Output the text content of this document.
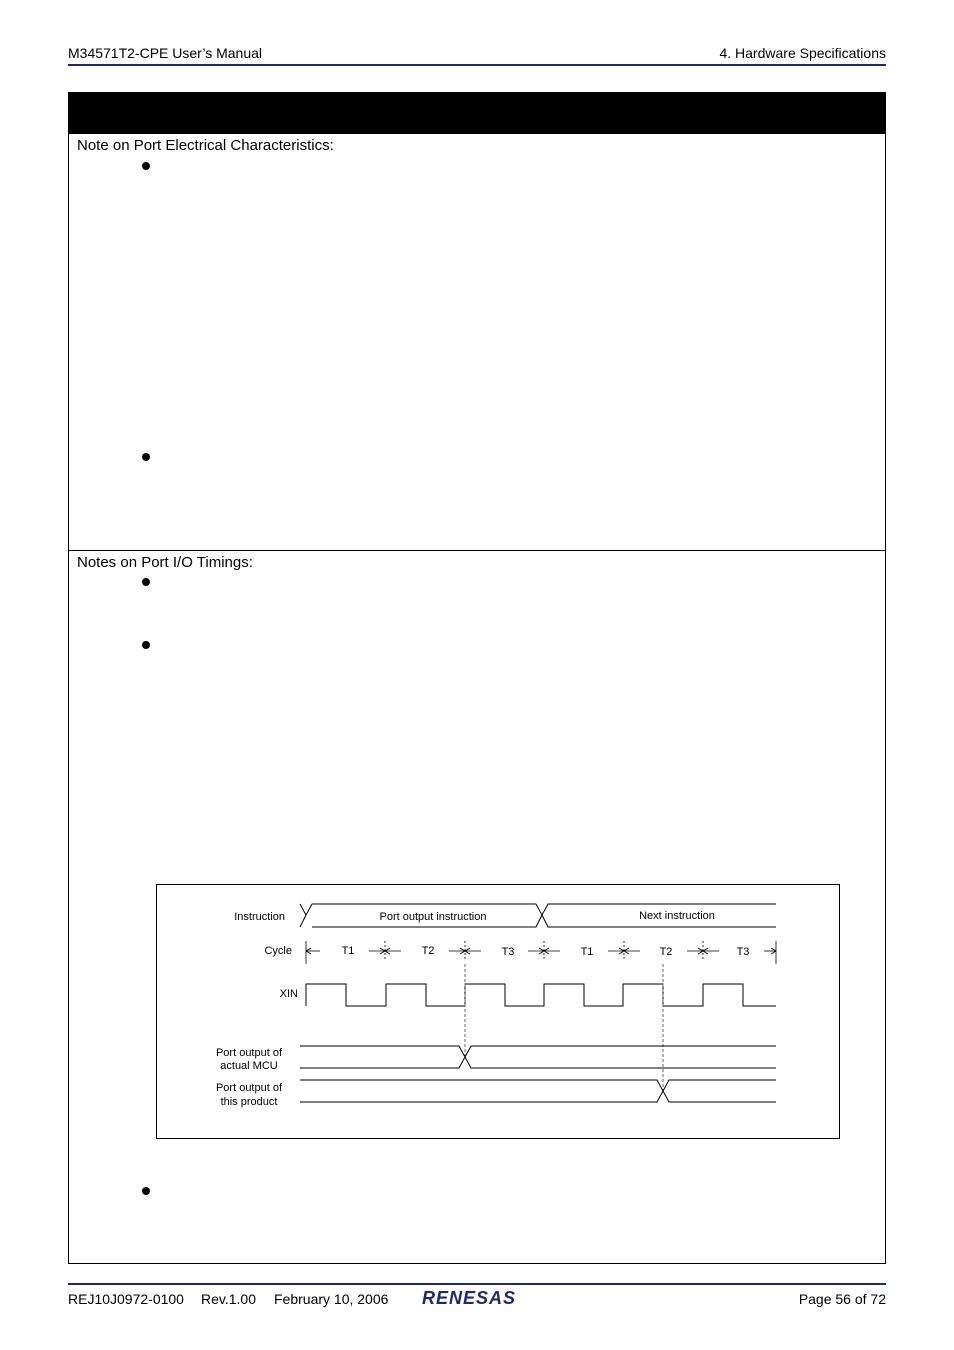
M34571T2-CPE User’s Manual	4. Hardware Specifications
Note on Port Electrical Characteristics:
Notes on Port I/O Timings:
Instruction
Cycle
XIN
Port output of
actual MCU
Port output of
this product
Port output instruction	Next instruction
T1	T2	T3	T1	T2	T3
REJ10J0972-0100 Rev.1.00 February 10, 2006 RENESAS	Page 56 of 72
